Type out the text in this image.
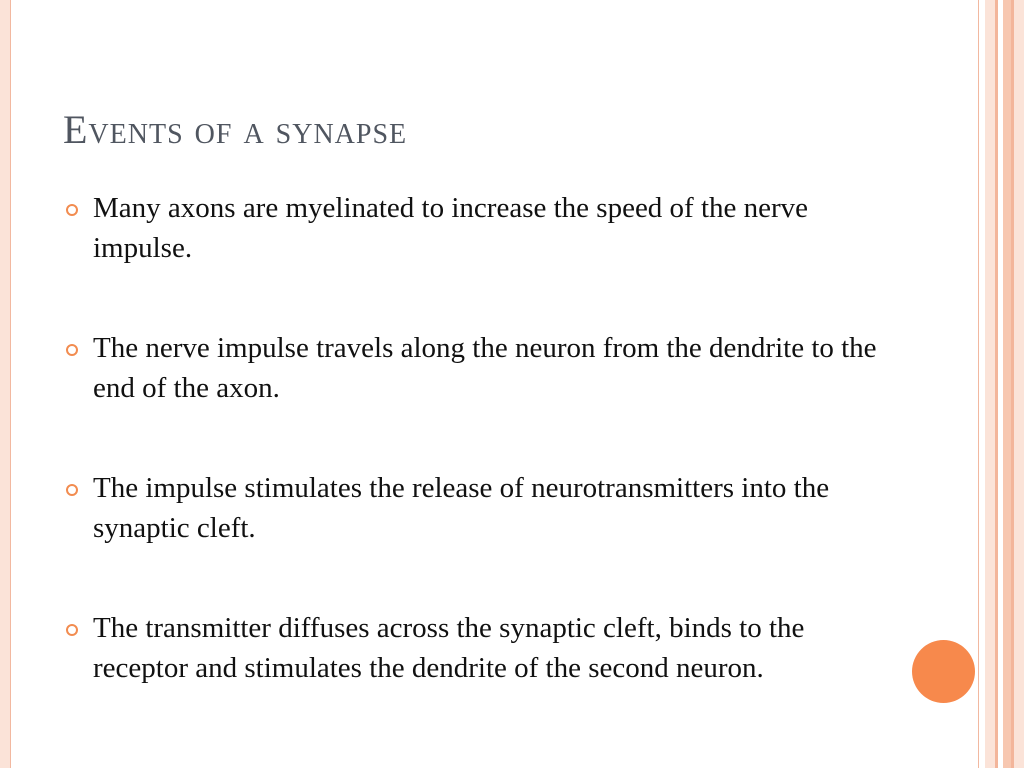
Events of a synapse
Many axons are myelinated to increase the speed of the nerve impulse.
The nerve impulse travels along the neuron from the dendrite to the end of the axon.
The impulse stimulates the release of neurotransmitters into the synaptic cleft.
The transmitter diffuses across the synaptic cleft, binds to the receptor and stimulates the dendrite of the second neuron.
